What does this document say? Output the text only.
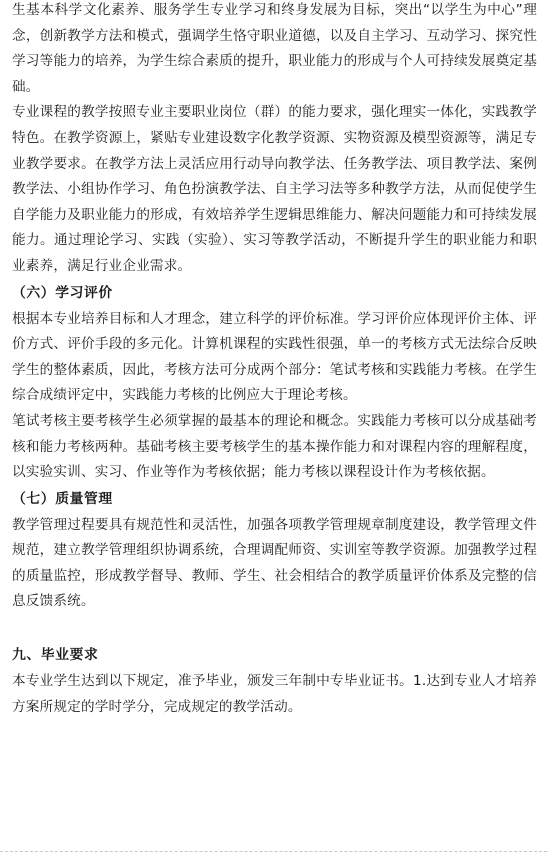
生基本科学文化素养、服务学生专业学习和终身发展为目标，突出“以学生为中心”理念，创新教学方法和模式，强调学生恪守职业道德，以及自主学习、互动学习、探究性学习等能力的培养，为学生综合素质的提升，职业能力的形成与个人可持续发展奠定基础。

专业课程的教学按照专业主要职业岗位（群）的能力要求，强化理实一体化，实践教学特色。在教学资源上，紧贴专业建设数字化教学资源、实物资源及模型资源等，满足专业教学要求。在教学方法上灵活应用行动导向教学法、任务教学法、项目教学法、案例教学法、小组协作学习、角色扮演教学法、自主学习法等多种教学方法，从而促使学生自学能力及职业能力的形成，有效培养学生逻辑思维能力、解决问题能力和可持续发展能力。通过理论学习、实践（实验）、实习等教学活动，不断提升学生的职业能力和职业素养，满足行业企业需求。

（六）学习评价

根据本专业培养目标和人才理念，建立科学的评价标准。学习评价应体现评价主体、评价方式、评价手段的多元化。计算机课程的实践性很强，单一的考核方式无法综合反映学生的整体素质，因此，考核方法可分成两个部分：笔试考核和实践能力考核。在学生综合成绩评定中，实践能力考核的比例应大于理论考核。

笔试考核主要考核学生必须掌握的最基本的理论和概念。实践能力考核可以分成基础考核和能力考核两种。基础考核主要考核学生的基本操作能力和对课程内容的理解程度，以实验实训、实习、作业等作为考核依据；能力考核以课程设计作为考核依据。

（七）质量管理

教学管理过程要具有规范性和灵活性，加强各项教学管理规章制度建设，教学管理文件规范，建立教学管理组织协调系统，合理调配师资、实训室等教学资源。加强教学过程的质量监控，形成教学督导、教师、学生、社会相结合的教学质量评价体系及完整的信息反馈系统。

九、毕业要求

本专业学生达到以下规定，准予毕业，颁发三年制中专毕业证书。1.达到专业人才培养方案所规定的学时学分，完成规定的教学活动。
